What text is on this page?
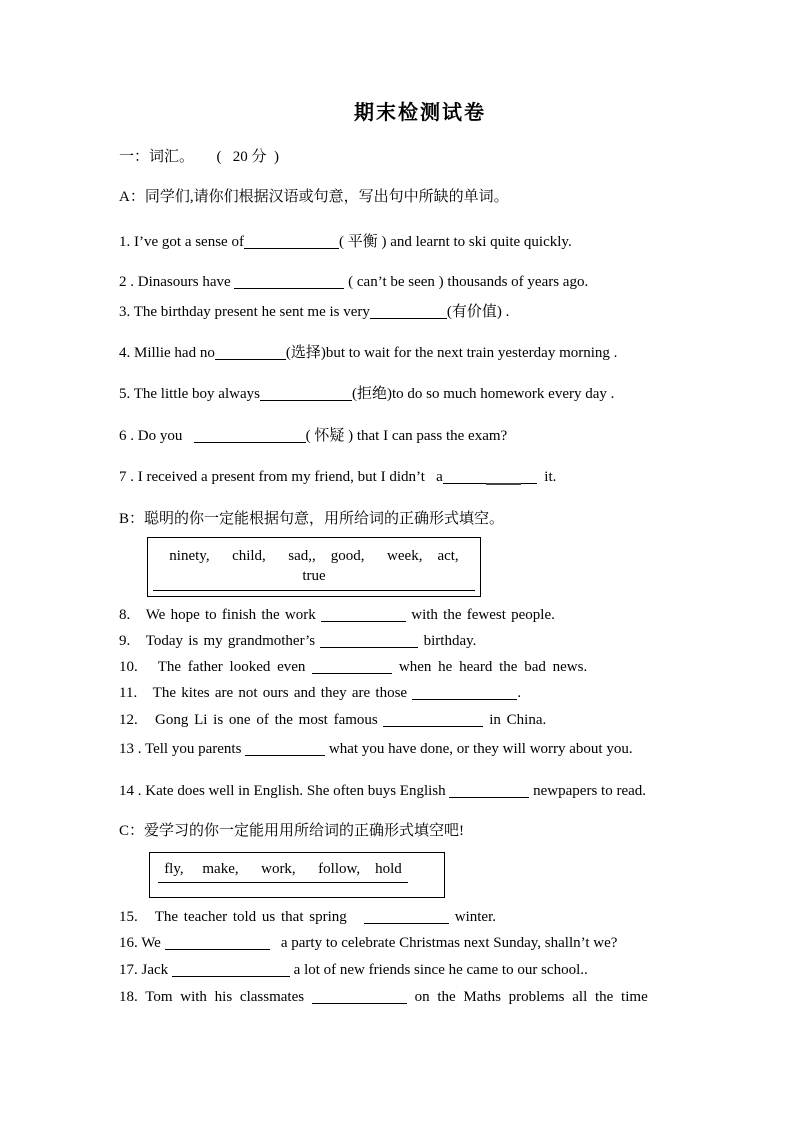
期末检测试卷

一：词汇。      (   20 分  )

A：同学们,请你们根据汉语或句意，写出句中所缺的单词。

1. I’ve got a sense of	( 平衡 ) and learnt to ski quite quickly.

2 . Dinasours have	( can’t be seen ) thousands of years ago.

3. The birthday present he sent me is very	(有价值) .

4. Millie had no	(选择)but to wait for the next train yesterday morning .

5. The little boy always	(拒绝)to do so much homework every day .

6 . Do you	( 怀疑 ) that I can pass the exam?

7 . I received a present from my friend, but I didn’t   a	it.

B：聪明的你一定能根据句意，用所给词的正确形式填空。

ninety,      child,      sad,,    good,      week,    act,
true

8.   We hope to finish the work	with the fewest people.

9.   Today is my grandmother’s	birthday.

10.   The father looked even	when he heard the bad news.

11.   The kites are not ours and they are those	.

12.   Gong Li is one of the most famous	in China.

13 . Tell you parents	what you have done, or they will worry about you.

14 . Kate does well in English. She often buys English	newpapers to read.

C：爱学习的你一定能用用所给词的正确形式填空吧!

fly,     make,      work,      follow,    hold

15.   The teacher told us that spring	winter.

16. We	a party to celebrate Christmas next Sunday, shalln’t we?

17. Jack	a lot of new friends since he came to our school..

18. Tom with his classmates	on the Maths problems all the time
